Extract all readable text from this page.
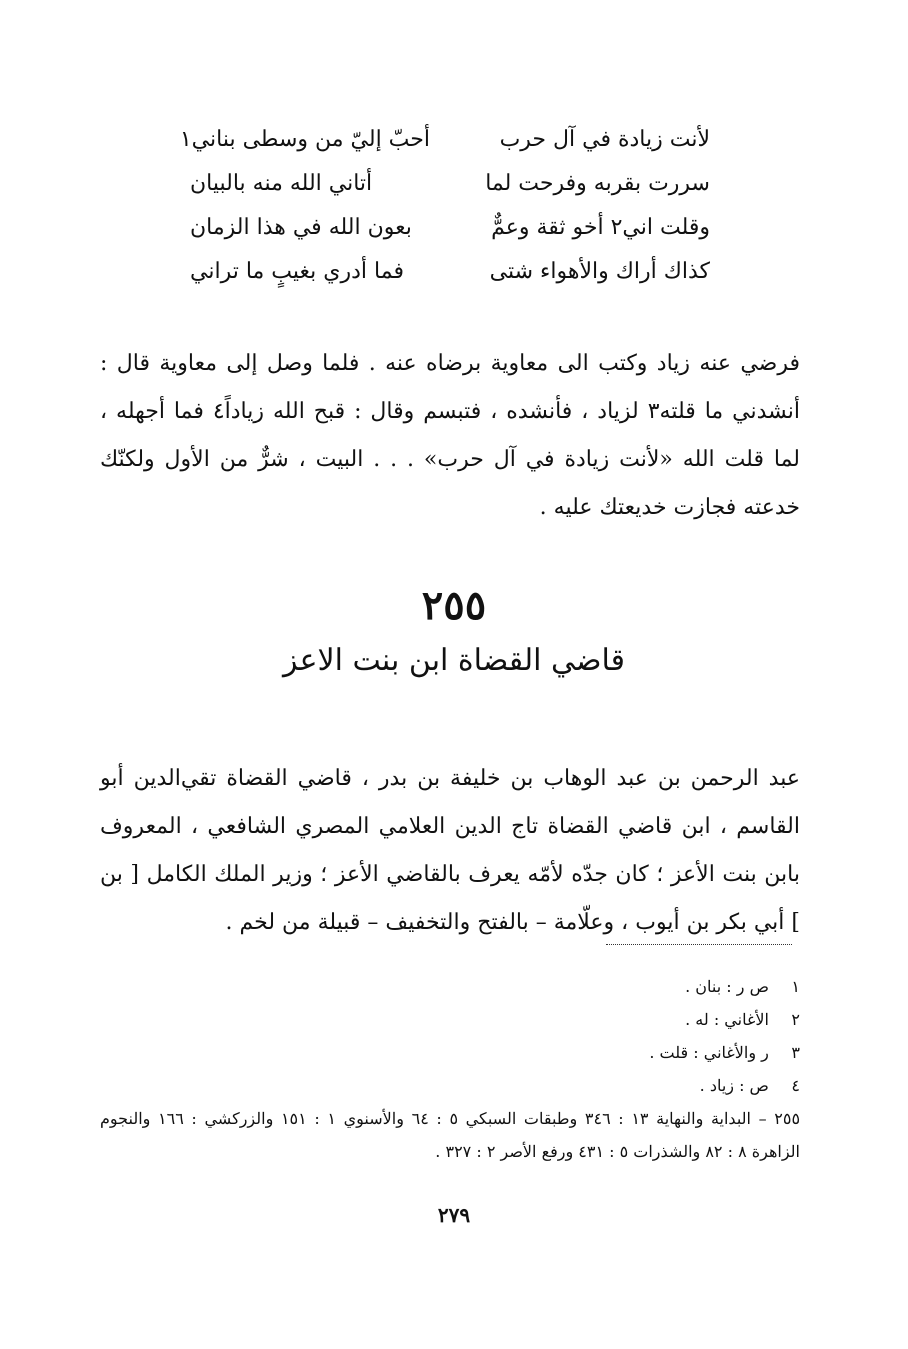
لأنت زيادة في آل حرب
أحبّ إليّ من وسطى بناني١
سررت بقربه وفرحت لما
أتاني الله منه بالبيان
وقلت اني٢ أخو ثقة وعمٌّ
بعون الله في هذا الزمان
كذاك أراك والأهواء شتى
فما أدري بغيبٍ ما تراني

فرضي عنه زياد وكتب الى معاوية برضاه عنه . فلما وصل إلى معاوية قال : أنشدني ما قلته٣ لزياد ، فأنشده ، فتبسم وقال : قبح الله زياداً٤ فما أجهله ، لما قلت الله «لأنت زيادة في آل حرب» . . . البيت ، شرٌّ من الأول ولكنّك خدعته فجازت خديعتك عليه .

٢٥٥
قاضي القضاة ابن بنت الاعز

عبد الرحمن بن عبد الوهاب بن خليفة بن بدر ، قاضي القضاة تقي‌الدين أبو القاسم ، ابن قاضي القضاة تاج الدين العلامي المصري الشافعي ، المعروف بابن بنت الأعز ؛ كان جدّه لأمّه يعرف بالقاضي الأعز ؛ وزير الملك الكامل [ بن ] أبي بكر بن أيوب ، وعلّامة – بالفتح والتخفيف – قبيلة من لخم .

١ ص ر : بنان .
٢ الأغاني : له .
٣ ر والأغاني : قلت .
٤ ص : زياد .
٢٥٥ – البداية والنهاية ١٣ : ٣٤٦ وطبقات السبكي ٥ : ٦٤ والأسنوي ١ : ١٥١ والزركشي : ١٦٦ والنجوم الزاهرة ٨ : ٨٢ والشذرات ٥ : ٤٣١ ورفع الأصر ٢ : ٣٢٧ .
٢٧٩
